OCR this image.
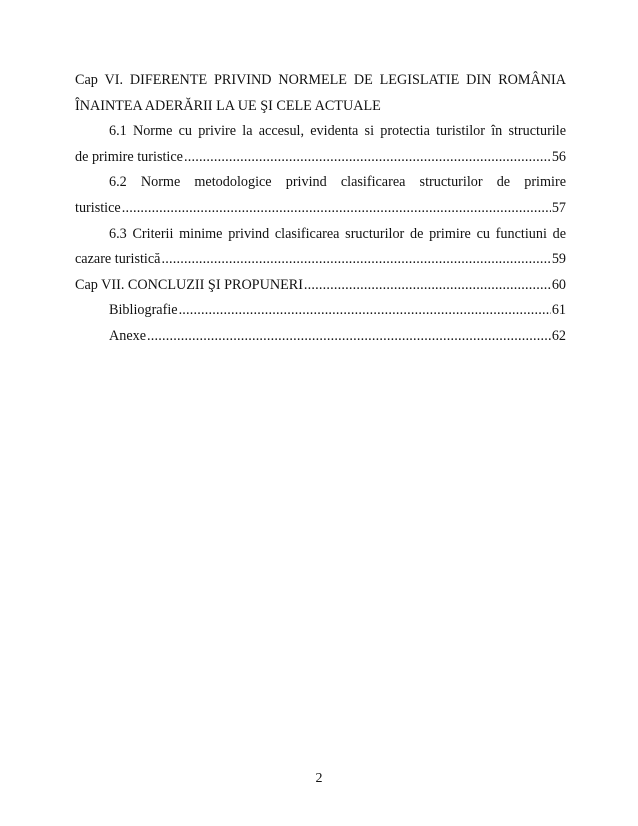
Cap VI. DIFERENTE PRIVIND NORMELE DE LEGISLATIE DIN ROMÂNIA
ÎNAINTEA ADERĂRII LA UE ŞI CELE ACTUALE
6.1 Norme cu privire la accesul, evidenta si protectia turistilor în structurile
de primire turistice .....	56
6.2 Norme metodologice privind clasificarea structurilor de primire
turistice .....	57
6.3 Criterii minime privind clasificarea sructurilor de primire cu functiuni de
cazare turistică .....	59
Cap VII. CONCLUZII ŞI PROPUNERI .....	60
Bibliografie .....	61
Anexe .....	62
2
